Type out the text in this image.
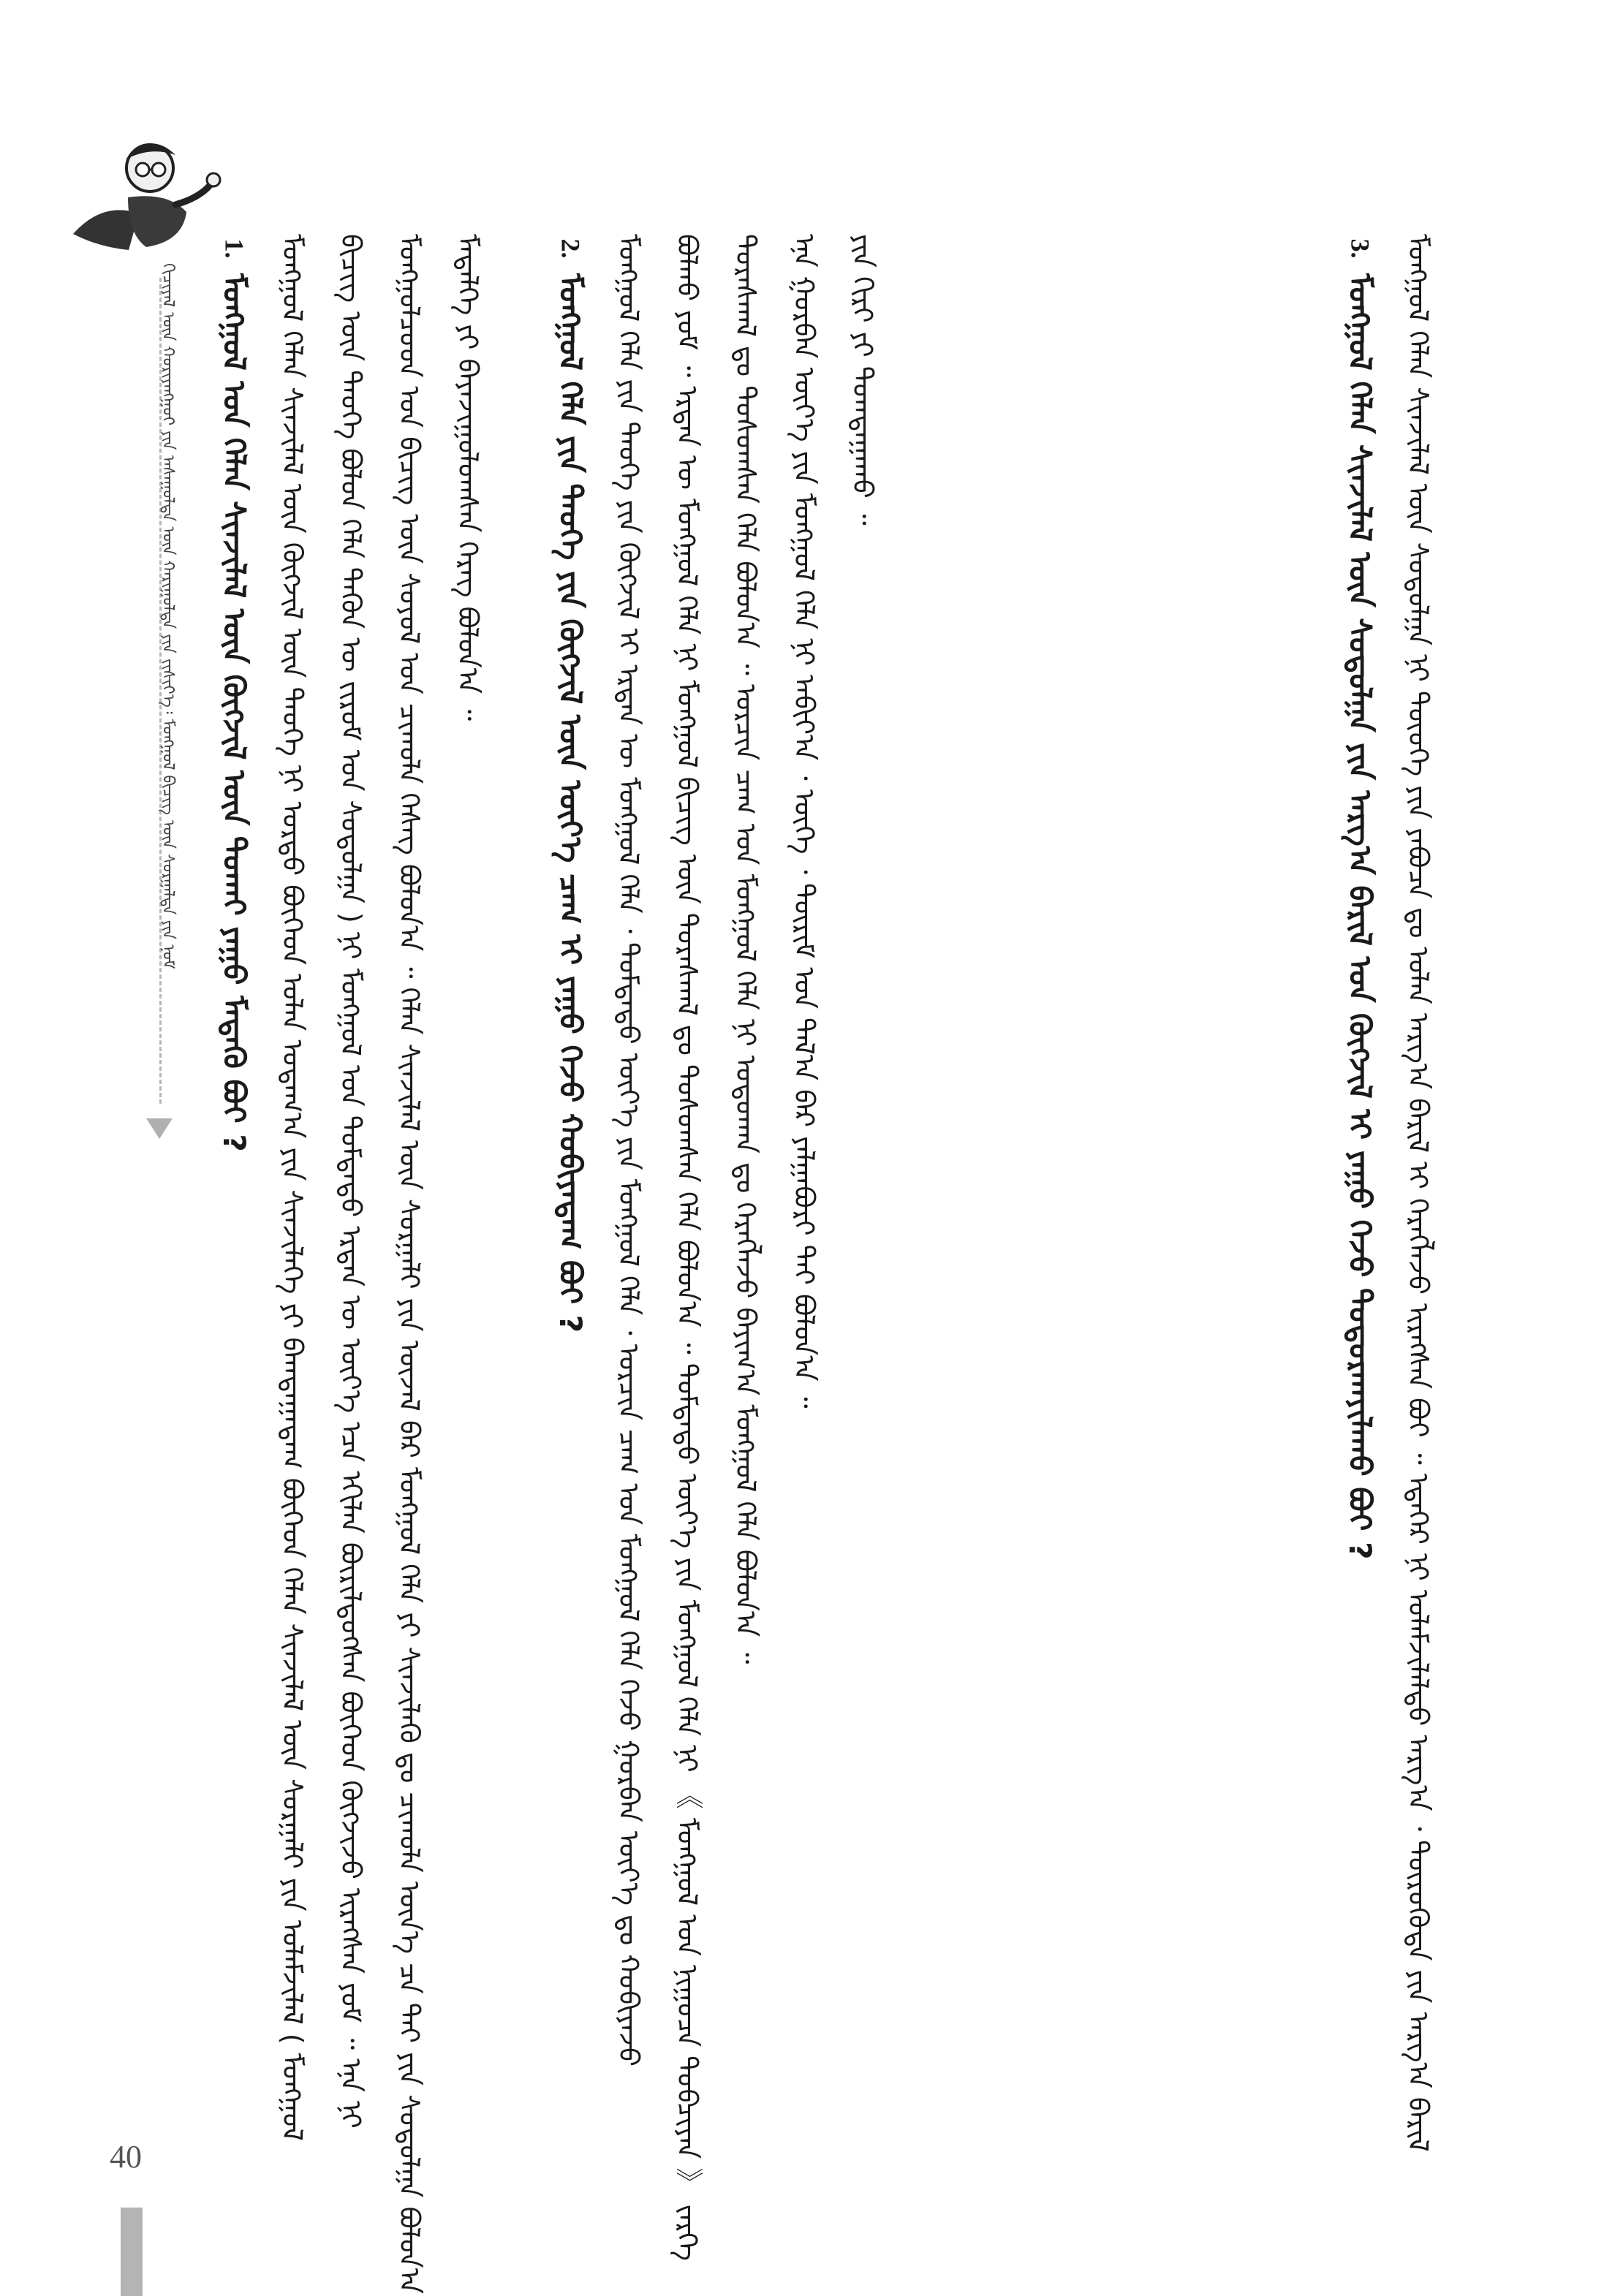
ᠬᠢᠴᠢᠶᠡᠯ ᠦᠨ ᠬᠤᠷᠢᠶᠠᠩᠭᠤᠢ ᠶᠢᠨ ᠠᠰᠠᠭᠤᠯᠲᠠ ᠦᠨ ᠬᠠᠷᠢᠭᠤᠯᠲᠠ ᠶᠢᠨ ᠵᠢᠱᠢᠶ᠎ᠡ᠄ ᠮᠣᠩᠭᠣᠯ ᠪᠢᠴᠢᠭ ᠦᠨ ᠰᠤᠷᠭᠠᠯᠲᠠ ᠶᠢᠨ ᠨᠤᠮ
1.ᠮᠣᠩᠭᠣᠯ ᠤᠨ ᠬᠡᠯᠡᠨ ᠰᠢᠨᠵᠢᠯᠡᠯ ᠦᠨ ᠬᠥᠭᠵᠢᠯ ᠦᠨ ᠲᠤᠬᠠᠢ ᠶᠠᠭᠤ ᠮᠡᠳᠡᠬᠦ ᠪᠤᠢ ? ᠮᠣᠩᠭᠣᠯ ᠬᠡᠯᠡᠨ ᠰᠢᠨᠵᠢᠯᠡᠯ ᠦᠨ ᠬᠥᠭᠵᠢᠯ ᠦᠨ ᠲᠡᠦᠬᠡ ᠨᠢ ᠤᠷᠲᠤ ᠪᠥᠭᠡᠳ ᠣᠯᠠᠨ ᠤᠳᠠᠭ᠎ᠠ ᠶᠢᠨ ᠰᠢᠨᠵᠢᠯᠡᠭᠡ ᠶᠢ ᠪᠠᠭᠲᠠᠭᠠᠳᠠᠭ ᠪᠥᠭᠡᠳ ᠬᠡᠯᠡᠨ ᠰᠢᠨᠵᠢᠯᠡᠯ ᠦᠨ ᠰᠤᠷᠭᠠᠯᠢ ᠶᠢᠨ ᠤᠯᠠᠮᠵᠢᠯᠠᠯ ( ᠮᠣᠩᠭᠣᠯ ᠪᠢᠴᠢᠭ᠌ ᠦᠨ ᠲᠡᠦᠬᠡ ᠪᠣᠯᠤᠨ ᠬᠡᠯᠡ ᠲᠡᠭᠦᠨ ᠦ ᠵᠢᠷᠤᠮ ᠤᠨ ᠰᠤᠳᠤᠯᠭᠠ ) ᠨᠢ ᠮᠣᠩᠭᠣᠯ ᠤᠨ ᠳᠤᠮᠳᠠᠳᠤ ᠡᠷᠲᠡᠨ ᠦ ᠦᠶ᠎ᠡ ᠡᠴᠡ ᠡᠬᠢᠯᠡᠨ ᠪᠦᠷᠢᠯᠳᠦᠭᠰᠡᠨ ᠪᠥᠭᠡᠳ ᠬᠥᠭᠵᠢᠵᠦ ᠢᠷᠡᠭᠰᠡᠨ ᠶᠤᠮ ᠃ ᠡᠨᠡ ᠨᠢ ᠮᠣᠩᠭᠣᠯᠴᠤᠳ ᠤᠨ ᠪᠢᠴᠢᠭ᠌ ᠦᠨ ᠰᠣᠶᠤᠯ ᠤᠨ ᠴᠢᠬᠤᠯᠠ ᠬᠡᠰᠡᠭ ᠪᠣᠯᠤᠨ᠎ᠠ ᠃ ᠬᠡᠯᠡᠨ ᠰᠢᠨᠵᠢᠯᠡᠯ ᠦᠨ ᠰᠤᠷᠭᠠᠯᠢ ᠶᠢᠨ ᠦᠵᠡᠯ ᠪᠠᠷ ᠮᠣᠩᠭᠣᠯ ᠬᠡᠯᠡ ᠶᠢ ᠰᠢᠨᠵᠢᠯᠡᠬᠦ ᠳᠤ ᠴᠢᠬᠤᠯᠠ ᠦᠨ᠎ᠡ ᠴᠡ ᠲᠠᠢ ᠶᠢᠨ ᠰᠤᠳᠤᠯᠭᠠ ᠪᠣᠯᠤᠨ᠎ᠠ ᠮᠡᠳᠡᠯᠭᠡ ᠶᠢ ᠪᠠᠶᠠᠵᠢᠭᠤᠯᠤᠭᠰᠠᠨ ᠬᠡᠷᠡᠭ ᠪᠣᠯᠤᠨ᠎ᠠ ᠃	2.ᠮᠣᠩᠭᠣᠯ ᠬᠡᠯᠡ ᠶᠢᠨ ᠲᠡᠦᠬᠡ ᠶᠢᠨ ᠬᠥᠭᠵᠢᠯ ᠦᠨ ᠦᠶ᠎ᠡ ᠴᠠᠭ ᠢ ᠶᠠᠭᠤ ᠭᠡᠵᠦ ᠬᠤᠪᠢᠶᠠᠳᠠᠭ ᠪᠤᠢ ? ᠮᠣᠩᠭᠣᠯ ᠬᠡᠯᠡ ᠶᠢᠨ ᠲᠡᠦᠬᠡ ᠶᠢᠨ ᠬᠥᠭᠵᠢᠯ ᠢ ᠡᠷᠲᠡᠨ ᠦ ᠮᠣᠩᠭᠣᠯ ᠬᠡᠯᠡ ᠂ ᠳᠤᠮᠳᠠᠳᠤ ᠦᠶ᠎ᠡ ᠶᠢᠨ ᠮᠣᠩᠭᠣᠯ ᠬᠡᠯᠡ ᠂ ᠣᠷᠴᠢᠨ ᠴᠠᠭ ᠤᠨ ᠮᠣᠩᠭᠣᠯ ᠬᠡᠯᠡ ᠭᠡᠵᠦ ᠭᠤᠷᠪᠠᠨ ᠦᠶ᠎ᠡ ᠳᠤ ᠬᠤᠪᠢᠶᠠᠵᠤ ᠪᠣᠯᠬᠤ ᠶᠤᠮ ᠃ ᠡᠷᠲᠡᠨ ᠦ ᠮᠣᠩᠭᠣᠯ ᠬᠡᠯᠡ ᠨᠢ ᠮᠣᠩᠭᠣᠯ ᠪᠢᠴᠢᠭ᠌ ᠦᠨ ᠳᠤᠷᠠᠰᠬᠠᠯ ᠳᠤ ᠲᠤᠰᠤᠭᠰᠠᠨ ᠬᠡᠯᠡ ᠪᠣᠯᠤᠨ᠎ᠠ ᠃ ᠳᠤᠮᠳᠠᠳᠤ ᠦᠶ᠎ᠡ ᠶᠢᠨ ᠮᠣᠩᠭᠣᠯ ᠬᠡᠯᠡ ᠨᠢ 《 ᠮᠣᠩᠭᠣᠯ ᠤᠨ ᠨᠢᠭᠤᠴᠠ ᠲᠣᠪᠴᠢᠶᠠᠨ 》 ᠵᠡᠷᠭᠡ ᠳᠤᠷᠠᠰᠬᠠᠯ ᠳᠤ ᠲᠤᠰᠤᠭᠰᠠᠨ ᠬᠡᠯᠡ ᠪᠣᠯᠤᠨ᠎ᠠ ᠃ ᠣᠷᠴᠢᠨ ᠴᠠᠭ ᠤᠨ ᠮᠣᠩᠭᠣᠯ ᠬᠡᠯᠡ ᠨᠢ ᠣᠳᠤᠬᠠᠨ ᠳᠤ ᠬᠡᠷᠡᠭᠯᠡᠵᠦ ᠪᠠᠶᠢᠭ᠎ᠠ ᠮᠣᠩᠭᠣᠯ ᠬᠡᠯᠡ ᠪᠣᠯᠤᠨ᠎ᠠ ᠃ ᠡᠨᠡ ᠭᠤᠷᠪᠠᠨ ᠦᠶ᠎ᠡ ᠶᠢᠨ ᠮᠣᠩᠭᠣᠯ ᠬᠡᠯᠡ ᠨᠢ ᠠᠪᠢᠶ᠎ᠠ ᠂ ᠦᠭᠡ ᠂ ᠳᠦᠷᠢᠮ ᠤᠨ ᠲᠠᠯ᠎ᠠ ᠪᠡᠷ ᠶᠠᠯᠭᠠᠪᠤᠷᠢ ᠲᠠᠢ ᠪᠣᠯᠤᠨ᠎ᠠ ᠃ ᠶᠢᠨ ᠬᠢᠷᠢ ᠶᠢ ᠲᠣᠭᠲᠠᠭᠠᠬᠤ ᠃	3.ᠮᠣᠩᠭᠣᠯ ᠬᠡᠯᠡᠨ ᠰᠢᠨᠵᠢᠯᠡᠯ ᠦᠨ ᠰᠤᠳᠤᠯᠭᠠ ᠶᠢᠨ ᠠᠷᠭ᠎ᠠ ᠪᠠᠷᠢᠯ ᠤᠨ ᠬᠥᠭᠵᠢᠯ ᠢ ᠶᠠᠭᠤ ᠭᠡᠵᠦ ᠲᠣᠳᠤᠷᠬᠠᠶᠢᠯᠠᠬᠤ ᠪᠤᠢ ? ᠮᠣᠩᠭᠣᠯ ᠬᠡᠯᠡᠨ ᠰᠢᠨᠵᠢᠯᠡᠯ ᠦᠨ ᠰᠤᠳᠤᠯᠭᠠ ᠨᠢ ᠲᠦᠦᠬᠡ ᠶᠢᠨ ᠶᠠᠪᠤᠴᠠ ᠳᠤ ᠣᠯᠠᠨ ᠠᠷᠭ᠎ᠠ ᠪᠠᠷᠢᠯ ᠢ ᠬᠡᠷᠡᠭᠯᠡᠵᠦ ᠢᠷᠡᠭᠰᠡᠨ ᠪᠤᠢ ᠃ ᠡᠳᠡᠭᠡᠷ ᠨᠢ ᠤᠯᠠᠮᠵᠢᠯᠠᠯᠲᠤ ᠠᠷᠭ᠎ᠠ ᠂ ᠲᠦᠷᠦᠭᠦᠳᠡ ᠶᠢᠨ ᠠᠷᠭ᠎ᠠ ᠪᠠᠷᠢᠯ
40
